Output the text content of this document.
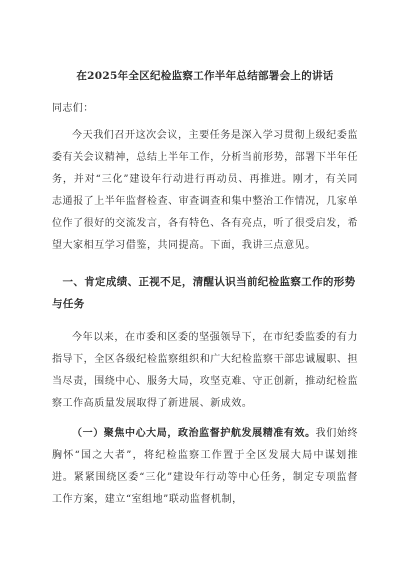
在2025年全区纪检监察工作半年总结部署会上的讲话
同志们：

今天我们召开这次会议，主要任务是深入学习贯彻上级纪委监委有关会议精神，总结上半年工作，分析当前形势，部署下半年任务，并对“三化”建设年行动进行再动员、再推进。刚才，有关同志通报了上半年监督检查、审查调查和集中整治工作情况，几家单位作了很好的交流发言，各有特色、各有亮点，听了很受启发，希望大家相互学习借鉴，共同提高。下面，我讲三点意见。

一、肯定成绩、正视不足，清醒认识当前纪检监察工作的形势与任务

今年以来，在市委和区委的坚强领导下，在市纪委监委的有力指导下，全区各级纪检监察组织和广大纪检监察干部忠诚履职、担当尽责，围绕中心、服务大局，攻坚克难、守正创新，推动纪检监察工作高质量发展取得了新进展、新成效。

（一）聚焦中心大局，政治监督护航发展精准有效。我们始终胸怀“国之大者”，将纪检监察工作置于全区发展大局中谋划推进。紧紧围绕区委“三化”建设年行动等中心任务，制定专项监督工作方案，建立“室组地”联动监督机制，
